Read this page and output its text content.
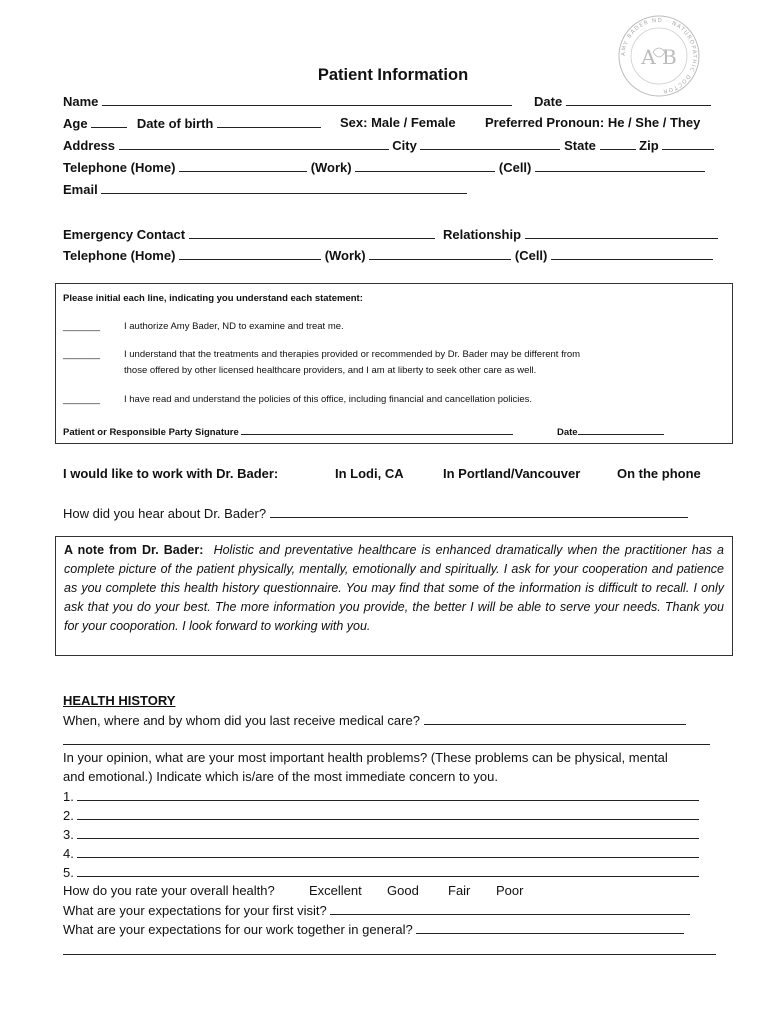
AMY BADER ND · NATUROPATHIC DOCTOR
A B
Patient Information
Name	Date
Age	Date of birth	Sex: Male / Female Preferred Pronoun: He / She / They
Address	City	State	Zip
Telephone (Home)	(Work)	(Cell)
Email
Emergency Contact	Relationship
Telephone (Home)	(Work)	(Cell)
Please initial each line, indicating you understand each statement:
_______	I authorize Amy Bader, ND to examine and treat me.
_______	I understand that the treatments and therapies provided or recommended by Dr. Bader may be different from
those offered by other licensed healthcare providers, and I am at liberty to seek other care as well.
_______	I have read and understand the policies of this office, including financial and cancellation policies.
Patient or Responsible Party Signature	Date
I would like to work with Dr. Bader:	In Lodi, CA	In Portland/Vancouver	On the phone
How did you hear about Dr. Bader?
A note from Dr. Bader: Holistic and preventative healthcare is enhanced dramatically when the practitioner has a complete picture of the patient physically, mentally, emotionally and spiritually. I ask for your cooperation and patience as you complete this health history questionnaire. You may find that some of the information is difficult to recall. I only ask that you do your best. The more information you provide, the better I will be able to serve your needs. Thank you for your cooporation. I look forward to working with you.
HEALTH HISTORY
When, where and by whom did you last receive medical care?
In your opinion, what are your most important health problems? (These problems can be physical, mental
and emotional.) Indicate which is/are of the most immediate concern to you.
1.
2.
3.
4.
5.
How do you rate your overall health?	Excellent Good Fair Poor
What are your expectations for your first visit?
What are your expectations for our work together in general?
